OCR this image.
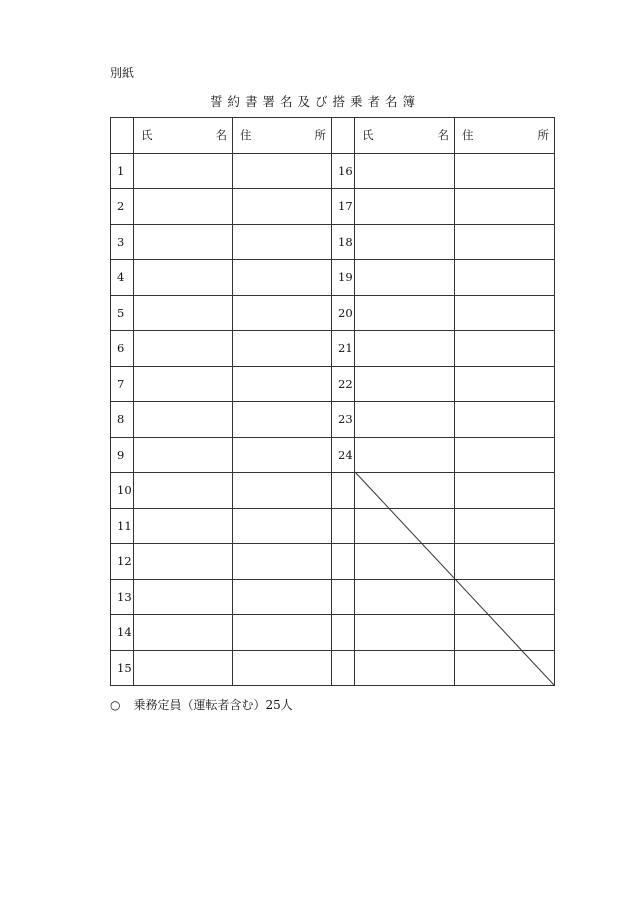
別紙
誓約書署名及び搭乗者名簿

	氏 名	住 所		氏 名	住 所

1			16		
2			17		
3			18		
4			19		
5			20		
6			21		
7			22		
8			23		
9			24		
10					
11					
12					
13					
14					
15					
○ 乗務定員（運転者含む）25人
